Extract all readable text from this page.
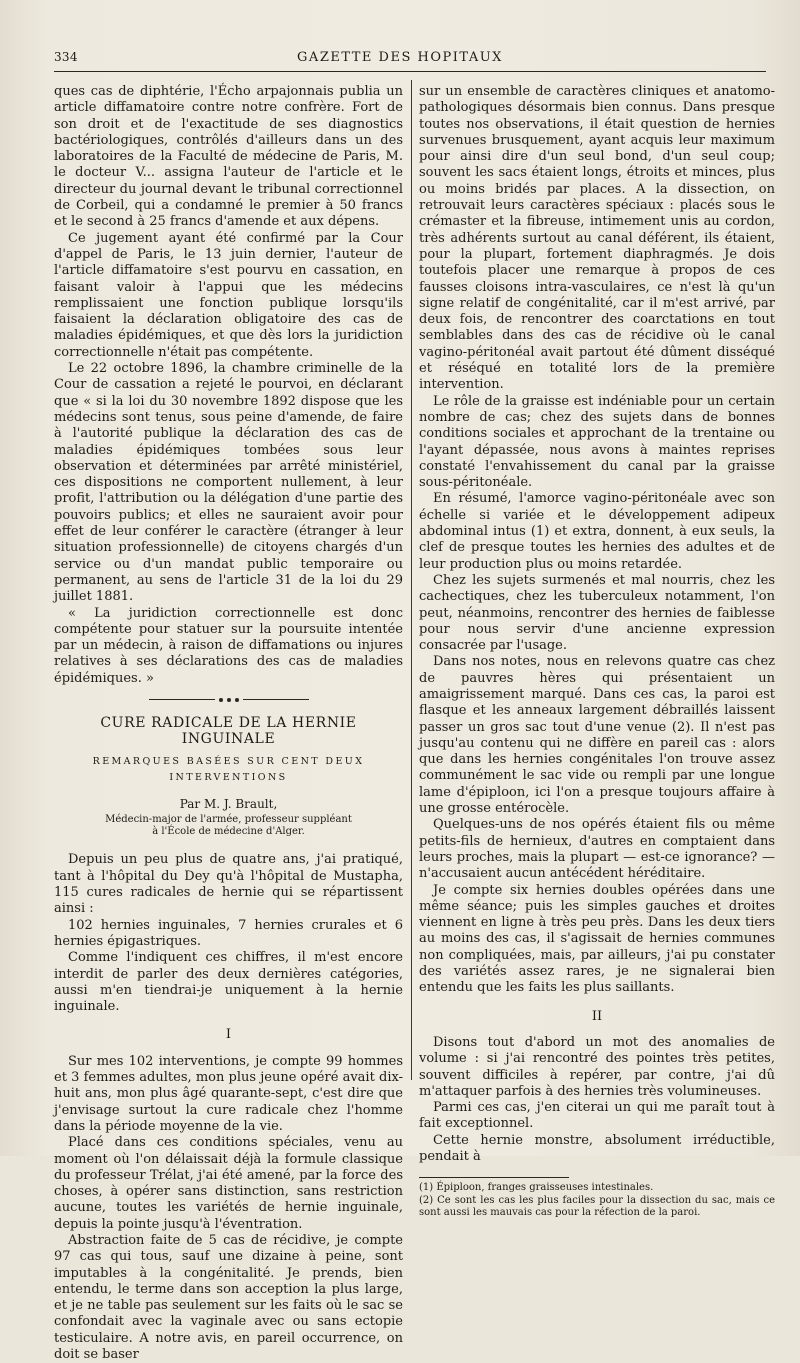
334	GAZETTE DES HOPITAUX

ques cas de diphtérie, l'Écho arpajonnais publia un article diffamatoire contre notre confrère. Fort de son droit et de l'exactitude de ses diagnostics bactériologiques, contrôlés d'ailleurs dans un des laboratoires de la Faculté de médecine de Paris, M. le docteur V... assigna l'auteur de l'article et le directeur du journal devant le tribunal correctionnel de Corbeil, qui a condamné le premier à 50 francs et le second à 25 francs d'amende et aux dépens.

Ce jugement ayant été confirmé par la Cour d'appel de Paris, le 13 juin dernier, l'auteur de l'article diffamatoire s'est pourvu en cassation, en faisant valoir à l'appui que les médecins remplissaient une fonction publique lorsqu'ils faisaient la déclaration obligatoire des cas de maladies épidémiques, et que dès lors la juridiction correctionnelle n'était pas compétente.

Le 22 octobre 1896, la chambre criminelle de la Cour de cassation a rejeté le pourvoi, en déclarant que « si la loi du 30 novembre 1892 dispose que les médecins sont tenus, sous peine d'amende, de faire à l'autorité publique la déclaration des cas de maladies épidémiques tombées sous leur observation et déterminées par arrêté ministériel, ces dispositions ne comportent nullement, à leur profit, l'attribution ou la délégation d'une partie des pouvoirs publics; et elles ne sauraient avoir pour effet de leur conférer le caractère (étranger à leur situation professionnelle) de citoyens chargés d'un service ou d'un mandat public temporaire ou permanent, au sens de l'article 31 de la loi du 29 juillet 1881.

« La juridiction correctionnelle est donc compétente pour statuer sur la poursuite intentée par un médecin, à raison de diffamations ou injures relatives à ses déclarations des cas de maladies épidémiques. »

CURE RADICALE DE LA HERNIE INGUINALE
REMARQUES BASÉES SUR CENT DEUX INTERVENTIONS
Par M. J. Brault,
Médecin-major de l'armée, professeur suppléant
à l'École de médecine d'Alger.

Depuis un peu plus de quatre ans, j'ai pratiqué, tant à l'hôpital du Dey qu'à l'hôpital de Mustapha, 115 cures radicales de hernie qui se répartissent ainsi :

102 hernies inguinales, 7 hernies crurales et 6 hernies épigastriques.

Comme l'indiquent ces chiffres, il m'est encore interdit de parler des deux dernières catégories, aussi m'en tiendrai-je uniquement à la hernie inguinale.

I

Sur mes 102 interventions, je compte 99 hommes et 3 femmes adultes, mon plus jeune opéré avait dix-huit ans, mon plus âgé quarante-sept, c'est dire que j'envisage surtout la cure radicale chez l'homme dans la période moyenne de la vie.

Placé dans ces conditions spéciales, venu au moment où l'on délaissait déjà la formule classique du professeur Trélat, j'ai été amené, par la force des choses, à opérer sans distinction, sans restriction aucune, toutes les variétés de hernie inguinale, depuis la pointe jusqu'à l'éventration.

Abstraction faite de 5 cas de récidive, je compte 97 cas qui tous, sauf une dizaine à peine, sont imputables à la congénitalité. Je prends, bien entendu, le terme dans son acception la plus large, et je ne table pas seulement sur les faits où le sac se confondait avec la vaginale avec ou sans ectopie testiculaire. A notre avis, en pareil occurrence, on doit se baser

sur un ensemble de caractères cliniques et anatomo-pathologiques désormais bien connus. Dans presque toutes nos observations, il était question de hernies survenues brusquement, ayant acquis leur maximum pour ainsi dire d'un seul bond, d'un seul coup; souvent les sacs étaient longs, étroits et minces, plus ou moins bridés par places. A la dissection, on retrouvait leurs caractères spéciaux : placés sous le crémaster et la fibreuse, intimement unis au cordon, très adhérents surtout au canal déférent, ils étaient, pour la plupart, fortement diaphragmés. Je dois toutefois placer une remarque à propos de ces fausses cloisons intra-vasculaires, ce n'est là qu'un signe relatif de congénitalité, car il m'est arrivé, par deux fois, de rencontrer des coarctations en tout semblables dans des cas de récidive où le canal vagino-péritonéal avait partout été dûment disséqué et réséqué en totalité lors de la première intervention.

Le rôle de la graisse est indéniable pour un certain nombre de cas; chez des sujets dans de bonnes conditions sociales et approchant de la trentaine ou l'ayant dépassée, nous avons à maintes reprises constaté l'envahissement du canal par la graisse sous-péritonéale.

En résumé, l'amorce vagino-péritonéale avec son échelle si variée et le développement adipeux abdominal intus (1) et extra, donnent, à eux seuls, la clef de presque toutes les hernies des adultes et de leur production plus ou moins retardée.

Chez les sujets surmenés et mal nourris, chez les cachectiques, chez les tuberculeux notamment, l'on peut, néanmoins, rencontrer des hernies de faiblesse pour nous servir d'une ancienne expression consacrée par l'usage.

Dans nos notes, nous en relevons quatre cas chez de pauvres hères qui présentaient un amaigrissement marqué. Dans ces cas, la paroi est flasque et les anneaux largement débraillés laissent passer un gros sac tout d'une venue (2). Il n'est pas jusqu'au contenu qui ne diffère en pareil cas : alors que dans les hernies congénitales l'on trouve assez communément le sac vide ou rempli par une longue lame d'épiploon, ici l'on a presque toujours affaire à une grosse entérocèle.

Quelques-uns de nos opérés étaient fils ou même petits-fils de hernieux, d'autres en comptaient dans leurs proches, mais la plupart — est-ce ignorance? — n'accusaient aucun antécédent héréditaire.

Je compte six hernies doubles opérées dans une même séance; puis les simples gauches et droites viennent en ligne à très peu près. Dans les deux tiers au moins des cas, il s'agissait de hernies communes non compliquées, mais, par ailleurs, j'ai pu constater des variétés assez rares, je ne signalerai bien entendu que les faits les plus saillants.

II

Disons tout d'abord un mot des anomalies de volume : si j'ai rencontré des pointes très petites, souvent difficiles à repérer, par contre, j'ai dû m'attaquer parfois à des hernies très volumineuses.

Parmi ces cas, j'en citerai un qui me paraît tout à fait exceptionnel.

Cette hernie monstre, absolument irréductible, pendait à

(1) Épiploon, franges graisseuses intestinales.

(2) Ce sont les cas les plus faciles pour la dissection du sac, mais ce sont aussi les mauvais cas pour la réfection de la paroi.
